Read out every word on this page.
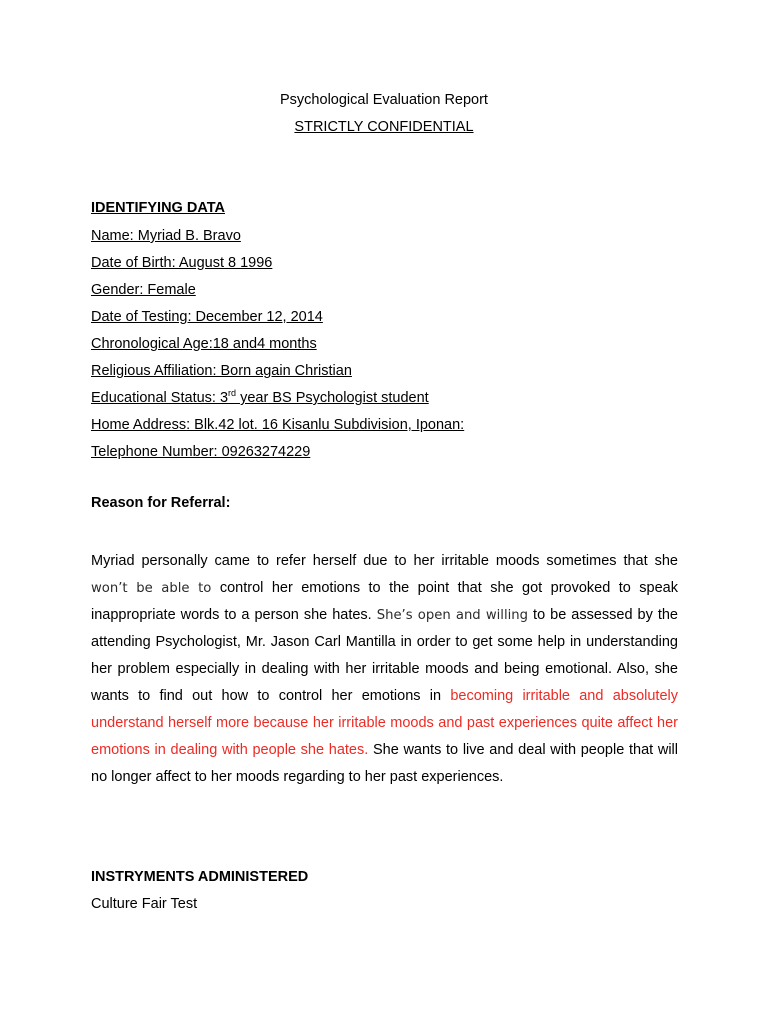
Psychological Evaluation Report
STRICTLY CONFIDENTIAL
IDENTIFYING DATA
Name: Myriad B. Bravo
Date of Birth: August 8 1996
Gender: Female
Date of Testing: December 12, 2014
Chronological Age:18 and4 months
Religious Affiliation: Born again Christian
Educational Status: 3rd year BS Psychologist student
Home Address: Blk.42 lot. 16 Kisanlu Subdivision, Iponan:
Telephone Number: 09263274229
Reason for Referral:
Myriad personally came to refer herself due to her irritable moods sometimes that she won’t be able to control her emotions to the point that she got provoked to speak inappropriate words to a person she hates. She’s open and willing to be assessed by the attending Psychologist, Mr. Jason Carl Mantilla in order to get some help in understanding her problem especially in dealing with her irritable moods and being emotional. Also, she wants to find out how to control her emotions in becoming irritable and absolutely understand herself more because her irritable moods and past experiences quite affect her emotions in dealing with people she hates. She wants to live and deal with people that will no longer affect to her moods regarding to her past experiences.
INSTRYMENTS ADMINISTERED
Culture Fair Test
